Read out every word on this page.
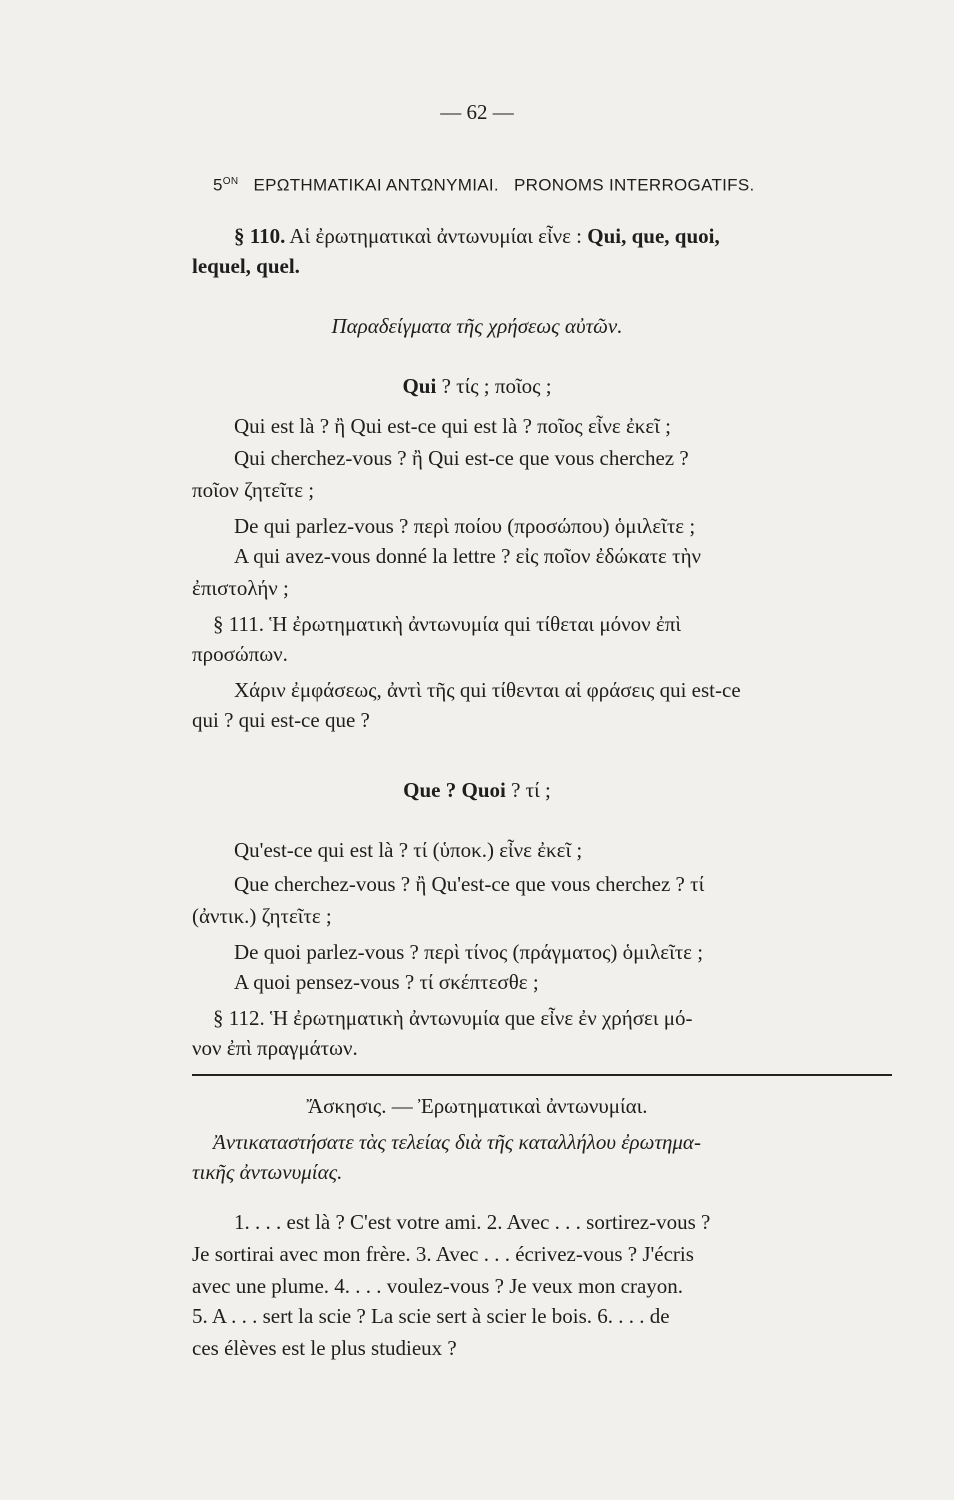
— 62 —
$5^{ON}$ ΕΡΩΤΗΜΑΤΙΚΑΙ ΑΝΤΩΝΥΜΙΑΙ. PRONOMS INTERROGATIFS.
§ 110. Αἱ ἐρωτηματικαὶ ἀντωνυμίαι εἶνε : Qui, que, quoi,
lequel, quel.
Παραδείγματα τῆς χρήσεως αὐτῶν.
Qui ? τίς ; ποῖος ;
Qui est là ? ἢ Qui est-ce qui est là ? ποῖος εἶνε ἐκεῖ ;
Qui cherchez-vous ? ἢ Qui est-ce que vous cherchez ?
ποῖον ζητεῖτε ;
De qui parlez-vous ? περὶ ποίου (προσώπου) ὁμιλεῖτε ;
Α qui avez-vous donné la lettre ? εἰς ποῖον ἐδώκατε τὴν
ἐπιστολήν ;
§ 111. Ἡ ἐρωτηματικὴ ἀντωνυμία qui τίθεται μόνον ἐπὶ
προσώπων.
Χάριν ἐμφάσεως, ἀντὶ τῆς qui τίθενται αἱ φράσεις qui est-ce
qui ? qui est-ce que ?
Que ? Quoi ? τί ;
Qu'est-ce qui est là ? τί (ὑποκ.) εἶνε ἐκεῖ ;
Que cherchez-vous ? ἢ Qu'est-ce que vous cherchez ? τί
(ἀντικ.) ζητεῖτε ;
De quoi parlez-vous ? περὶ τίνος (πράγματος) ὁμιλεῖτε ;
Α quoi pensez-vous ? τί σκέπτεσθε ;
§ 112. Ἡ ἐρωτηματικὴ ἀντωνυμία que εἶνε ἐν χρήσει μό-
νον ἐπὶ πραγμάτων.
Ἄσκησις. — Ἐρωτηματικαὶ ἀντωνυμίαι.
Ἀντικαταστήσατε τὰς τελείας διὰ τῆς καταλλήλου ἐρωτημα-
τικῆς ἀντωνυμίας.
1. . . . est là ? C'est votre ami. 2. Avec . . . sortirez-vous ?
Je sortirai avec mon frère. 3. Avec . . . écrivez-vous ? J'écris
avec une plume. 4. . . . voulez-vous ? Je veux mon crayon.
5. A . . . sert la scie ? La scie sert à scier le bois. 6. . . . de
ces élèves est le plus studieux ?
